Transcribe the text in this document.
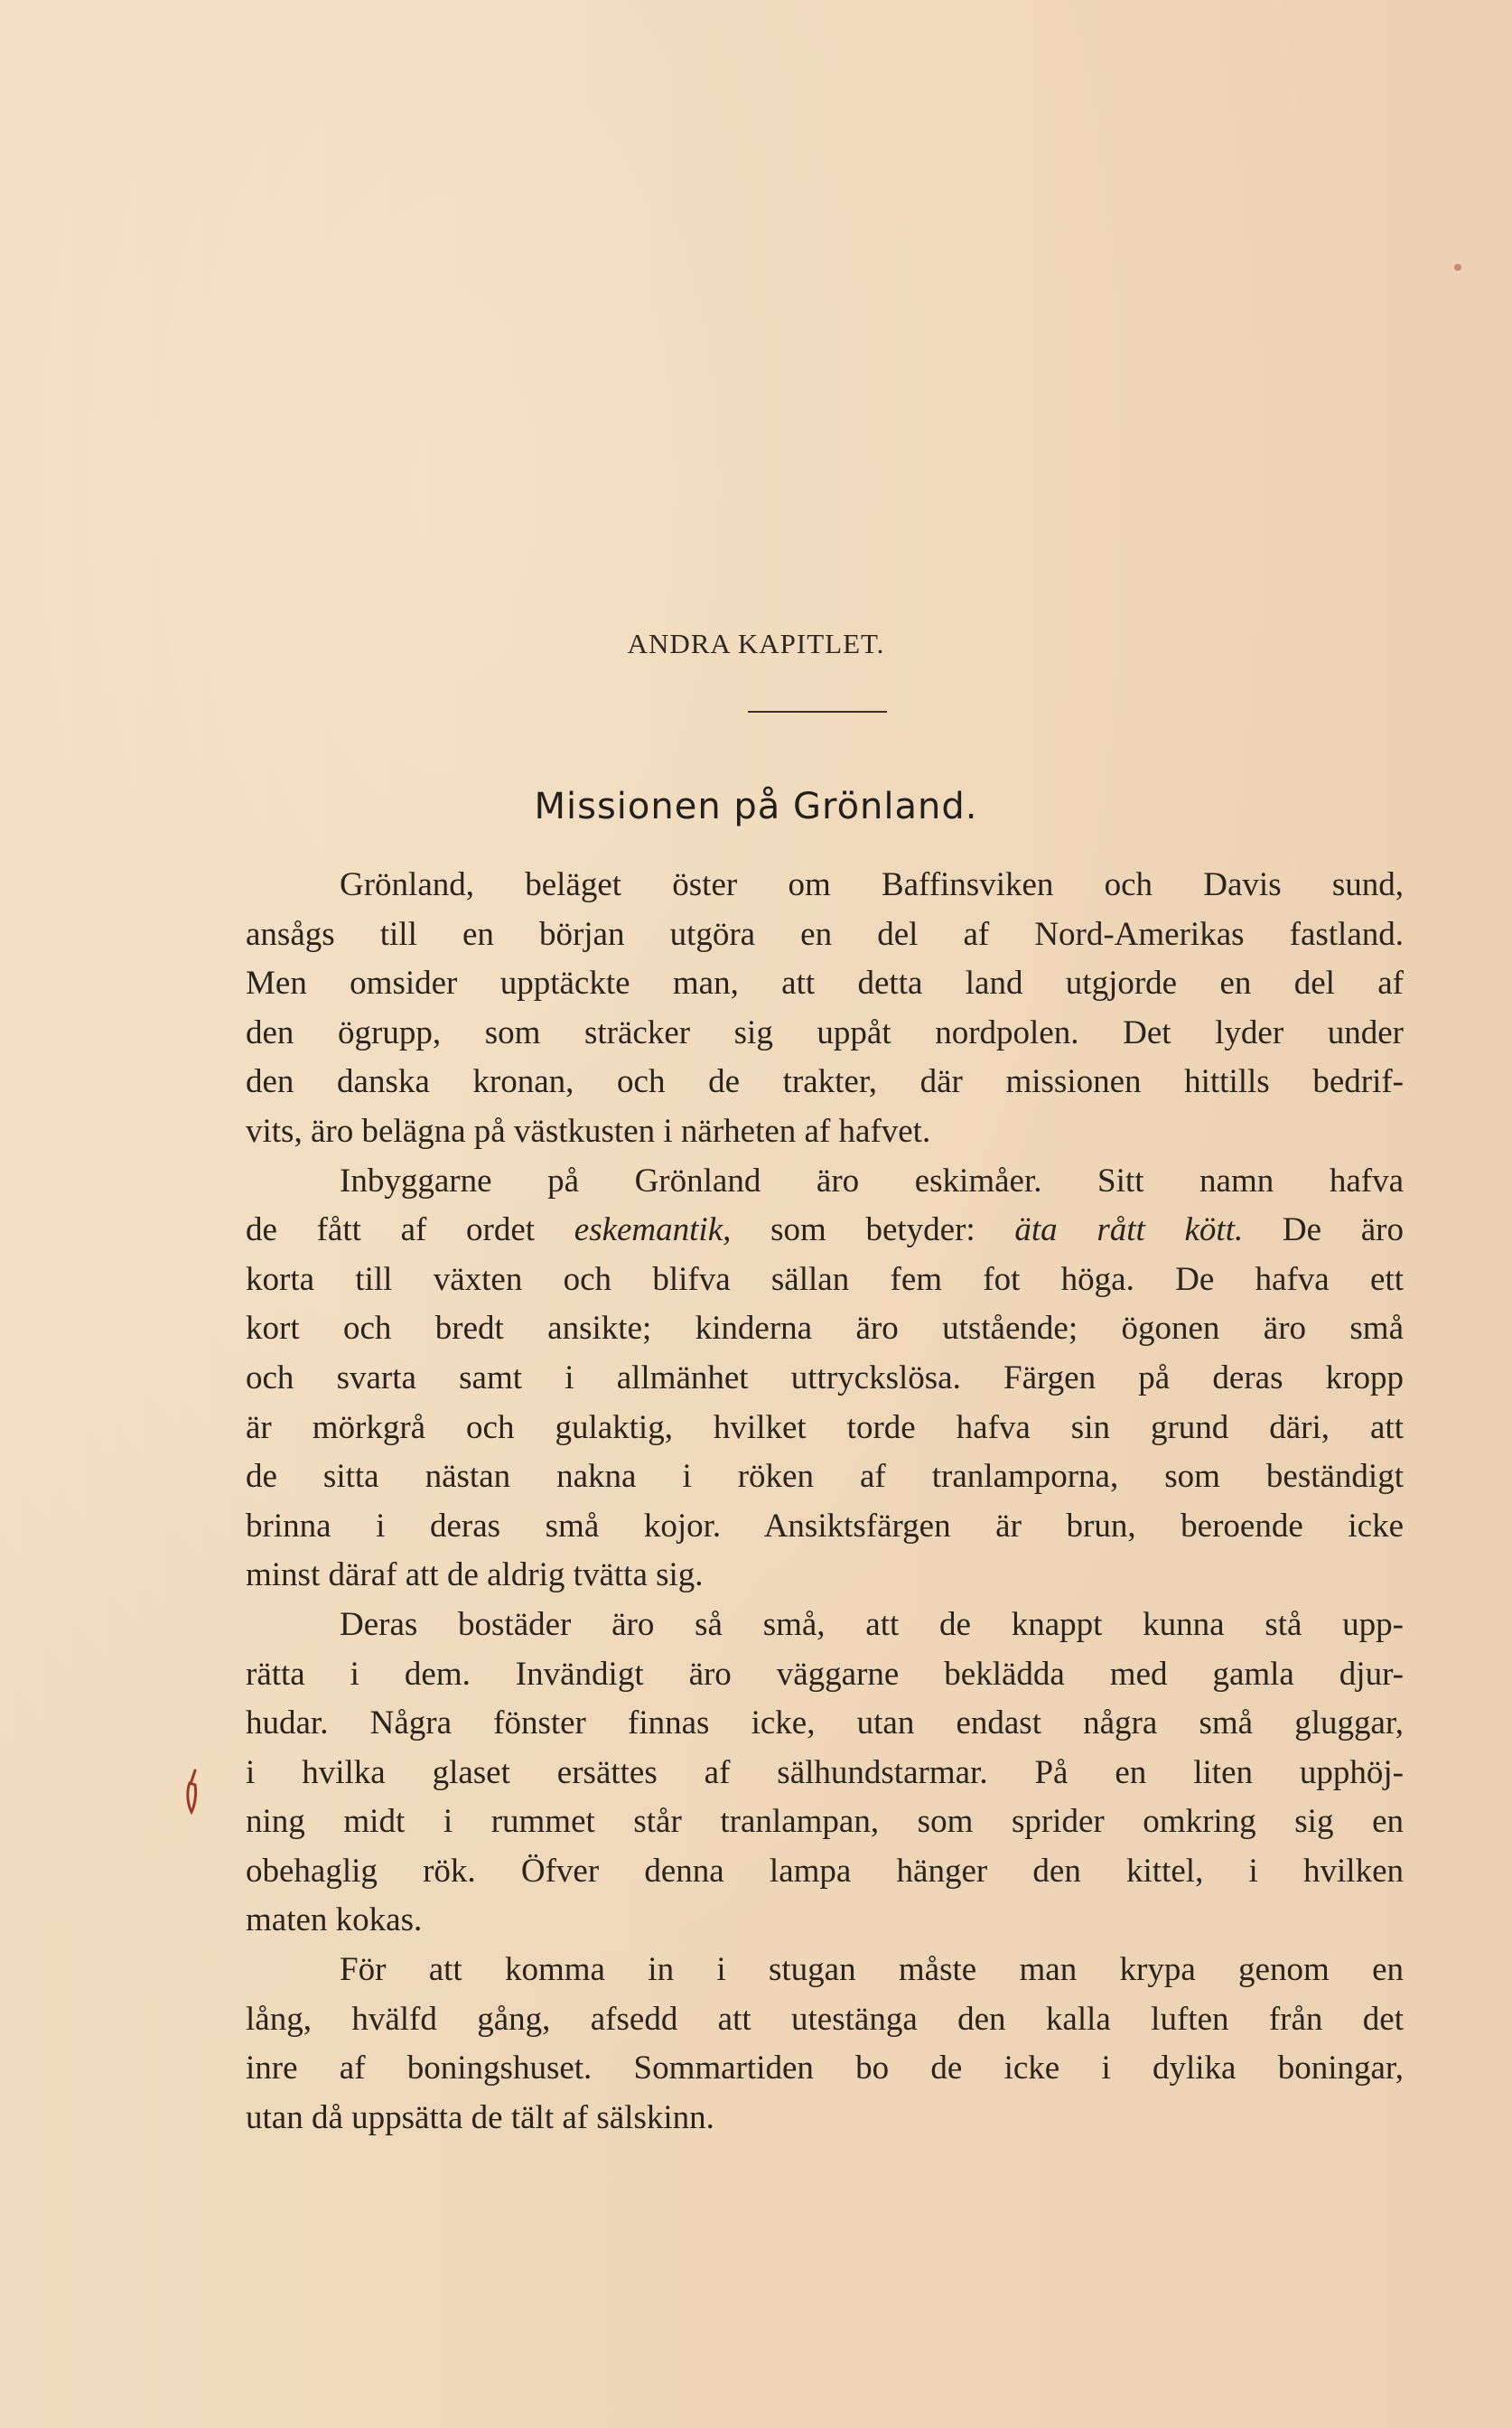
ANDRA KAPITLET.
Missionen på Grönland.
Grönland, beläget öster om Baffinsviken och Davis sund,
ansågs till en början utgöra en del af Nord-Amerikas fastland.
Men omsider upptäckte man, att detta land utgjorde en del af
den ögrupp, som sträcker sig uppåt nordpolen. Det lyder under
den danska kronan, och de trakter, där missionen hittills bedrif-
vits, äro belägna på västkusten i närheten af hafvet.
Inbyggarne på Grönland äro eskimåer. Sitt namn hafva
de fått af ordet eskemantik, som betyder: äta rått kött. De äro
korta till växten och blifva sällan fem fot höga. De hafva ett
kort och bredt ansikte; kinderna äro utstående; ögonen äro små
och svarta samt i allmänhet uttryckslösa. Färgen på deras kropp
är mörkgrå och gulaktig, hvilket torde hafva sin grund däri, att
de sitta nästan nakna i röken af tranlamporna, som beständigt
brinna i deras små kojor. Ansiktsfärgen är brun, beroende icke
minst däraf att de aldrig tvätta sig.
Deras bostäder äro så små, att de knappt kunna stå upp-
rätta i dem. Invändigt äro väggarne beklädda med gamla djur-
hudar. Några fönster finnas icke, utan endast några små gluggar,
i hvilka glaset ersättes af sälhundstarmar. På en liten upphöj-
ning midt i rummet står tranlampan, som sprider omkring sig en
obehaglig rök. Öfver denna lampa hänger den kittel, i hvilken
maten kokas.
För att komma in i stugan måste man krypa genom en
lång, hvälfd gång, afsedd att utestänga den kalla luften från det
inre af boningshuset. Sommartiden bo de icke i dylika boningar,
utan då uppsätta de tält af sälskinn.
